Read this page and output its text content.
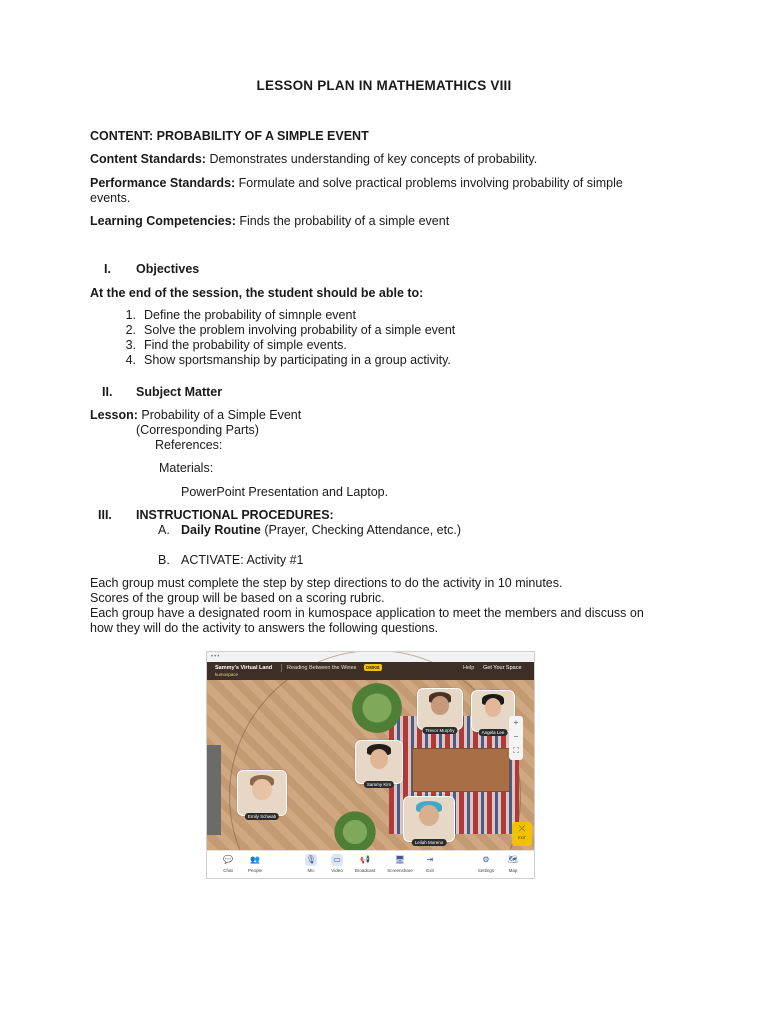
LESSON PLAN IN MATHEMATHICS VIII
CONTENT: PROBABILITY OF A SIMPLE EVENT
Content Standards: Demonstrates understanding of key concepts of probability.
Performance Standards: Formulate and solve practical problems involving probability of simple events.
Learning Competencies: Finds the probability of a simple event
I. Objectives
At the end of the session, the student should be able to:
1. Define the probability of simnple event
2. Solve the problem involving probability of a simple event
3. Find the probability of simple events.
4. Show sportsmanship by participating in a group activity.
II. Subject Matter
Lesson: Probability of a Simple Event
(Corresponding Parts)
References:
Materials:
PowerPoint Presentation and Laptop.
III. INSTRUCTIONAL PROCEDURES:
A. Daily Routine (Prayer, Checking Attendance, etc.)
B. ACTIVATE: Activity #1
Each group must complete the step by step directions to do the activity in 10 minutes.
Scores of the group will be based on a scoring rubric.
Each group have a designated room in kumospace application to meet the members and discuss on how they will do the activity to answers the following questions.
•••
Sammy's Virtual Land
kumospace
Reading Between the Wines	DMKB	Help Get Your Space
Trevor Murphy	Angela Lee
Sammy Kim
Emily Schwab
Leilah Moreno
+
−
⛶
⤫
EXIT
💬
Chat
👥
People
🎙
Mic
▭
Video
📢
Broadcast
🖥
Screenshare
⇥
Exit
⚙
Settings
🗺
Map
